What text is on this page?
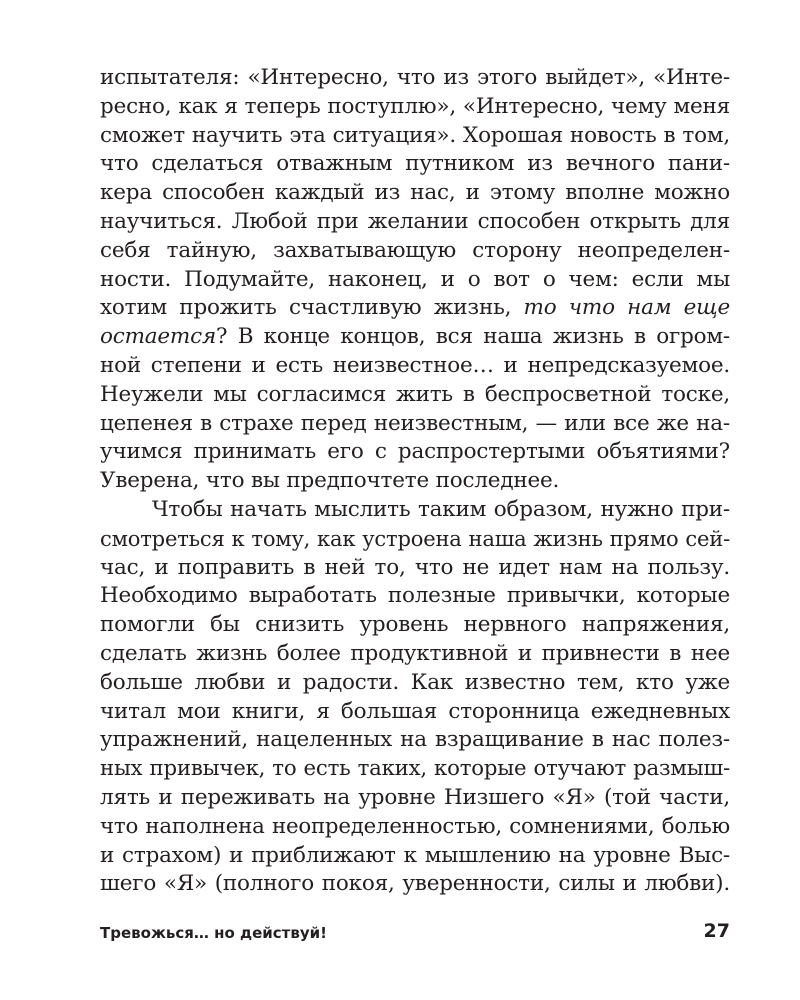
испытателя: «Интересно, что из этого выйдет», «Инте-
ресно, как я теперь поступлю», «Интересно, чему меня
сможет научить эта ситуация». Хорошая новость в том,
что сделаться отважным путником из вечного пани-
кера способен каждый из нас, и этому вполне можно
научиться. Любой при желании способен открыть для
себя тайную, захватывающую сторону неопределен-
ности. Подумайте, наконец, и о вот о чем: если мы
хотим прожить счастливую жизнь, то что нам еще
остается? В конце концов, вся наша жизнь в огром-
ной степени и есть неизвестное… и непредсказуемое.
Неужели мы согласимся жить в беспросветной тоске,
цепенея в страхе перед неизвестным, — или все же на-
учимся принимать его с распростертыми объятиями?
Уверена, что вы предпочтете последнее.
Чтобы начать мыслить таким образом, нужно при-
смотреться к тому, как устроена наша жизнь прямо сей-
час, и поправить в ней то, что не идет нам на пользу.
Необходимо выработать полезные привычки, которые
помогли бы снизить уровень нервного напряжения,
сделать жизнь более продуктивной и привнести в нее
больше любви и радости. Как известно тем, кто уже
читал мои книги, я большая сторонница ежедневных
упражнений, нацеленных на взращивание в нас полез-
ных привычек, то есть таких, которые отучают размыш-
лять и переживать на уровне Низшего «Я» (той части,
что наполнена неопределенностью, сомнениями, болью
и страхом) и приближают к мышлению на уровне Выс-
шего «Я» (полного покоя, уверенности, силы и любви).
Тревожься… но действуй!	27
